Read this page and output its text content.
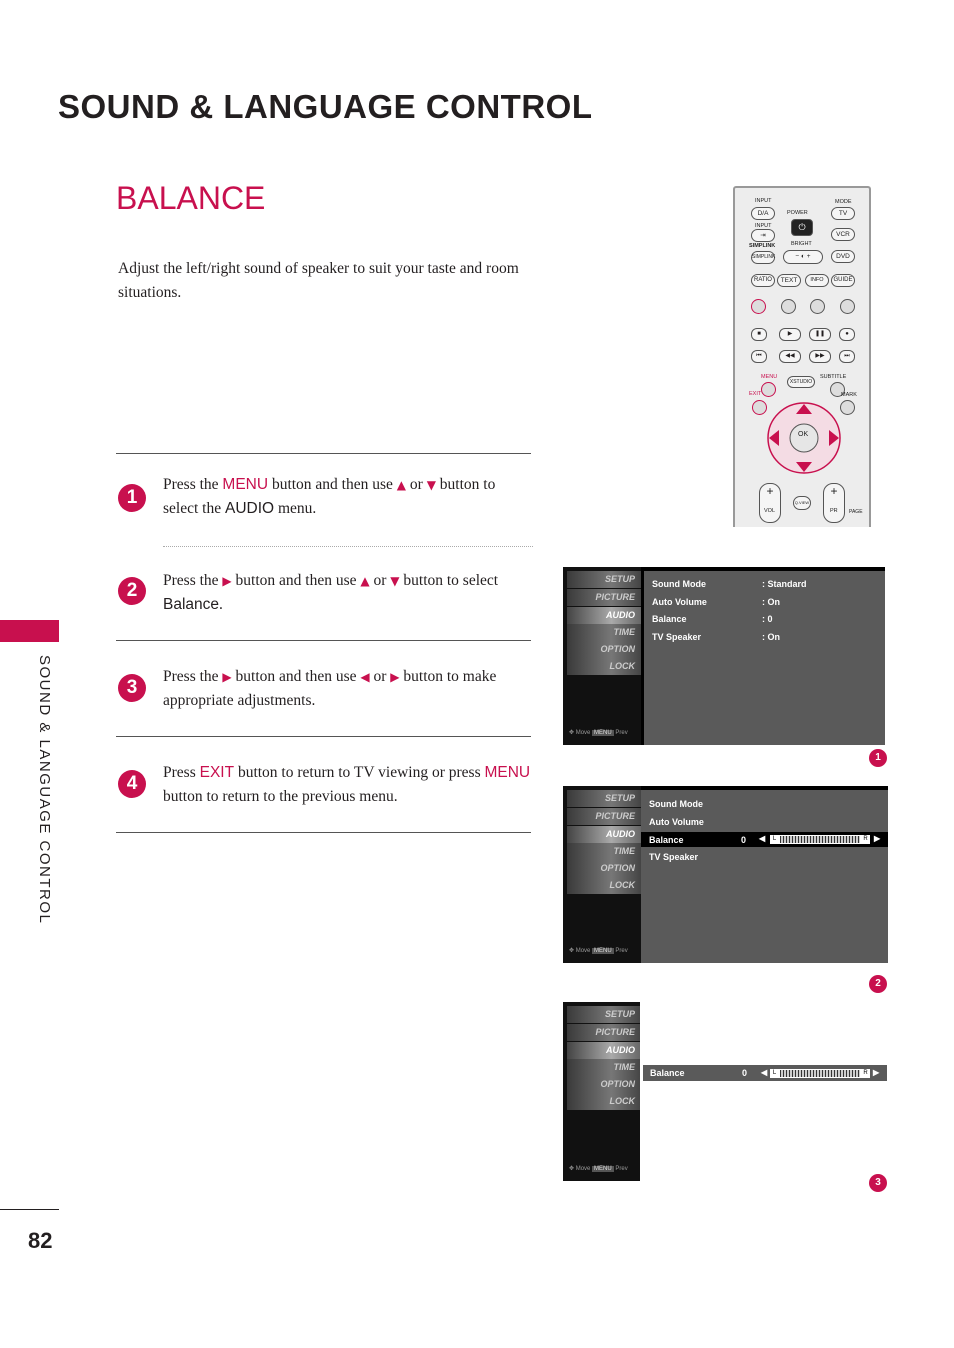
SOUND & LANGUAGE CONTROL
BALANCE
Adjust the left/right sound of speaker to suit your taste and room situations.
1
Press the MENU button and then use ▲ or ▼ button to select the AUDIO menu.
2	Press the ▶ button and then use ▲ or ▼ button to select Balance.
3
Press the ▶ button and then use ◀ or ▶ button to make appropriate adjustments.
4
Press EXIT button to return to TV viewing or press MENU button to return to the previous menu.
SOUND & LANGUAGE CONTROL
82
INPUT	MODE
D/A	POWER
⏻
TV
INPUT
⇥	VCR
BRIGHT
SIMPLINK
SIMPLINK	− ◐ +	DVD
RATIO	TEXT	INFO	GUIDE
■	▶	❚❚	●
⏮	◀◀	▶▶	⏭
MENU	SUBTITLE
XSTUDIO
EXIT	MARK
OK
+
VOL
+
PR
Q.VIEW
PAGE
SETUP
PICTURE
AUDIO
TIME
OPTION
LOCK
✥ Move MENU Prev
Sound Mode	: Standard
Auto Volume	: On
Balance	: 0
TV Speaker	: On
1
SETUP
PICTURE
AUDIO
TIME
OPTION
LOCK
✥ Move MENU Prev
Sound Mode
Auto Volume
Balance	0 ◀	L	R ▶
TV Speaker
2
SETUP
PICTURE
AUDIO
TIME
OPTION
LOCK
✥ Move MENU Prev
Balance	0 ◀ L	R ▶
3
